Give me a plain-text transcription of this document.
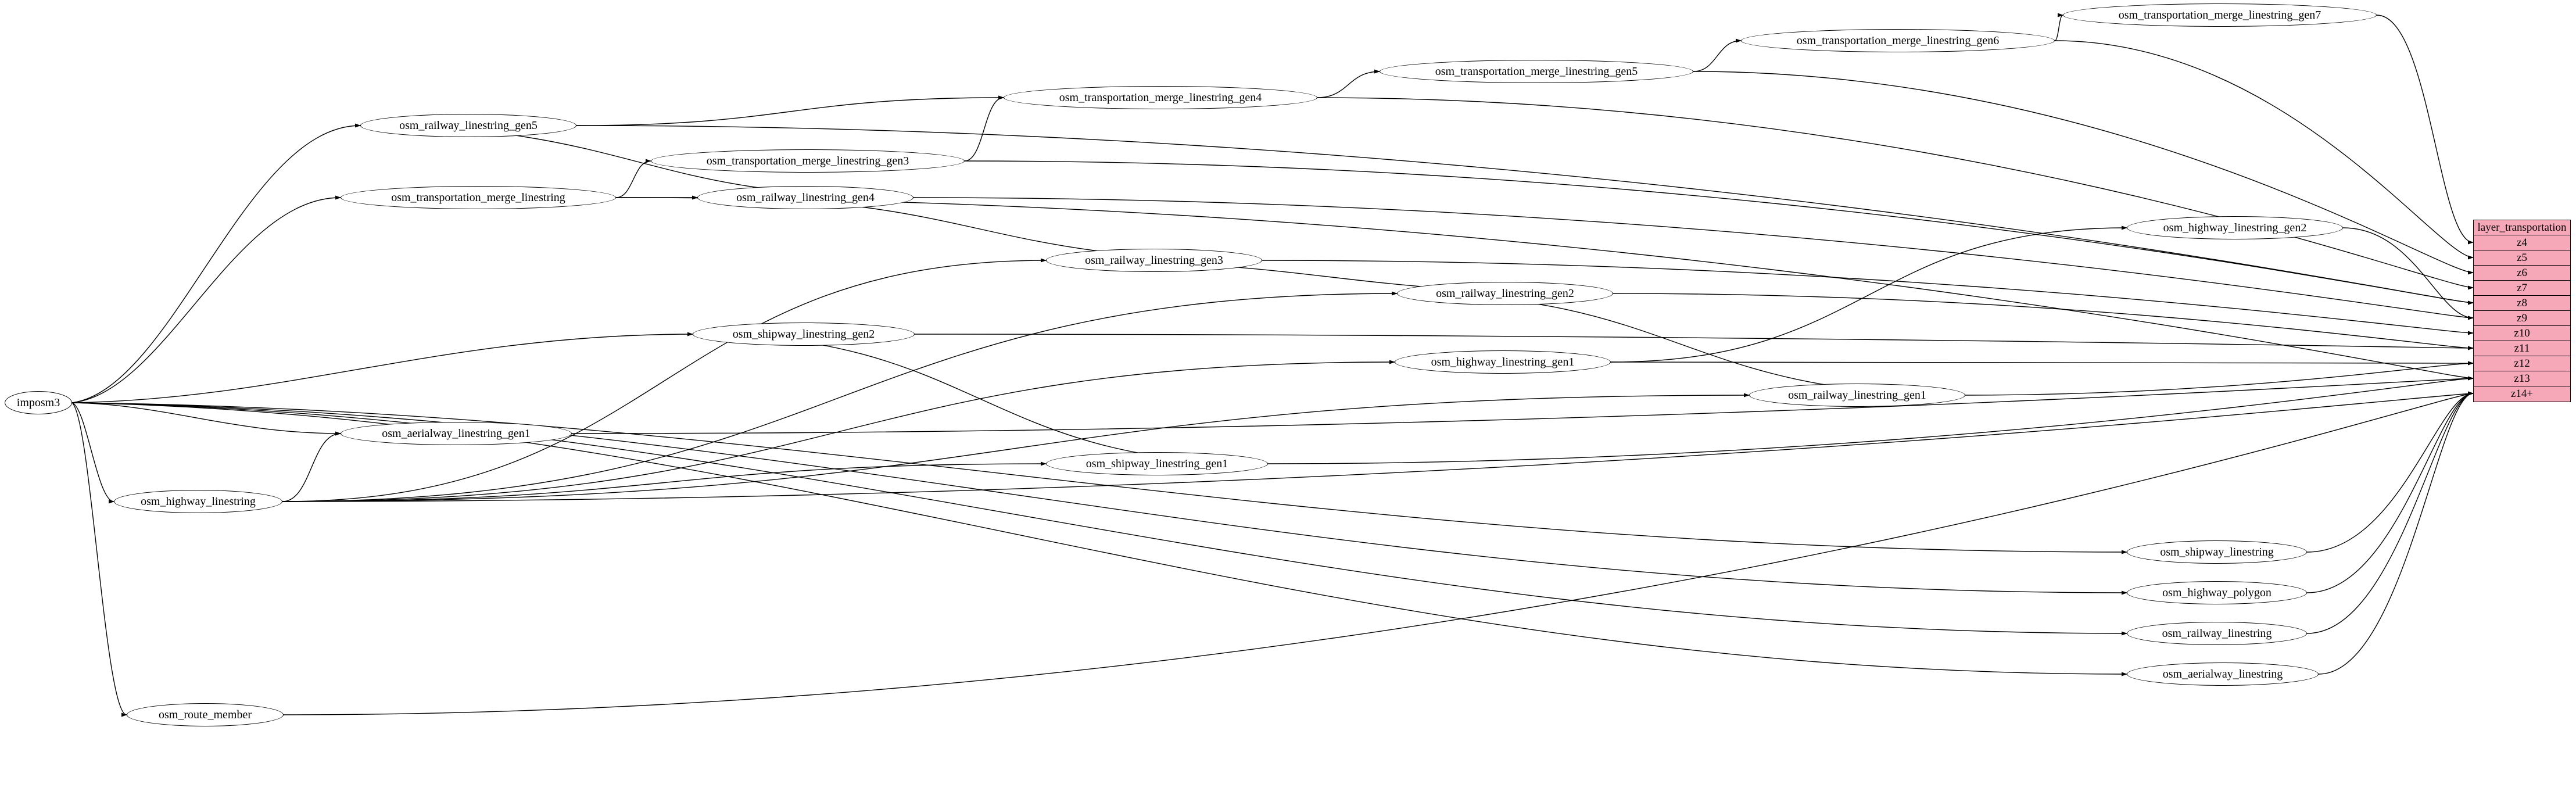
osm_transportation_merge_linestring_gen7
osm_transportation_merge_linestring_gen6
osm_transportation_merge_linestring_gen5
osm_transportation_merge_linestring_gen4
osm_railway_linestring_gen5
osm_transportation_merge_linestring_gen3
osm_transportation_merge_linestring	osm_railway_linestring_gen4
osm_highway_linestring_gen2
osm_railway_linestring_gen3
osm_railway_linestring_gen2
osm_shipway_linestring_gen2
osm_highway_linestring_gen1
osm_railway_linestring_gen1
osm_aerialway_linestring_gen1
osm_shipway_linestring_gen1
osm_highway_linestring
osm_shipway_linestring
osm_highway_polygon
osm_railway_linestring
osm_aerialway_linestring
osm_route_member
imposm3
layer_transportation
z4
z5
z6
z7
z8
z9
z10
z11
z12
z13
z14+
